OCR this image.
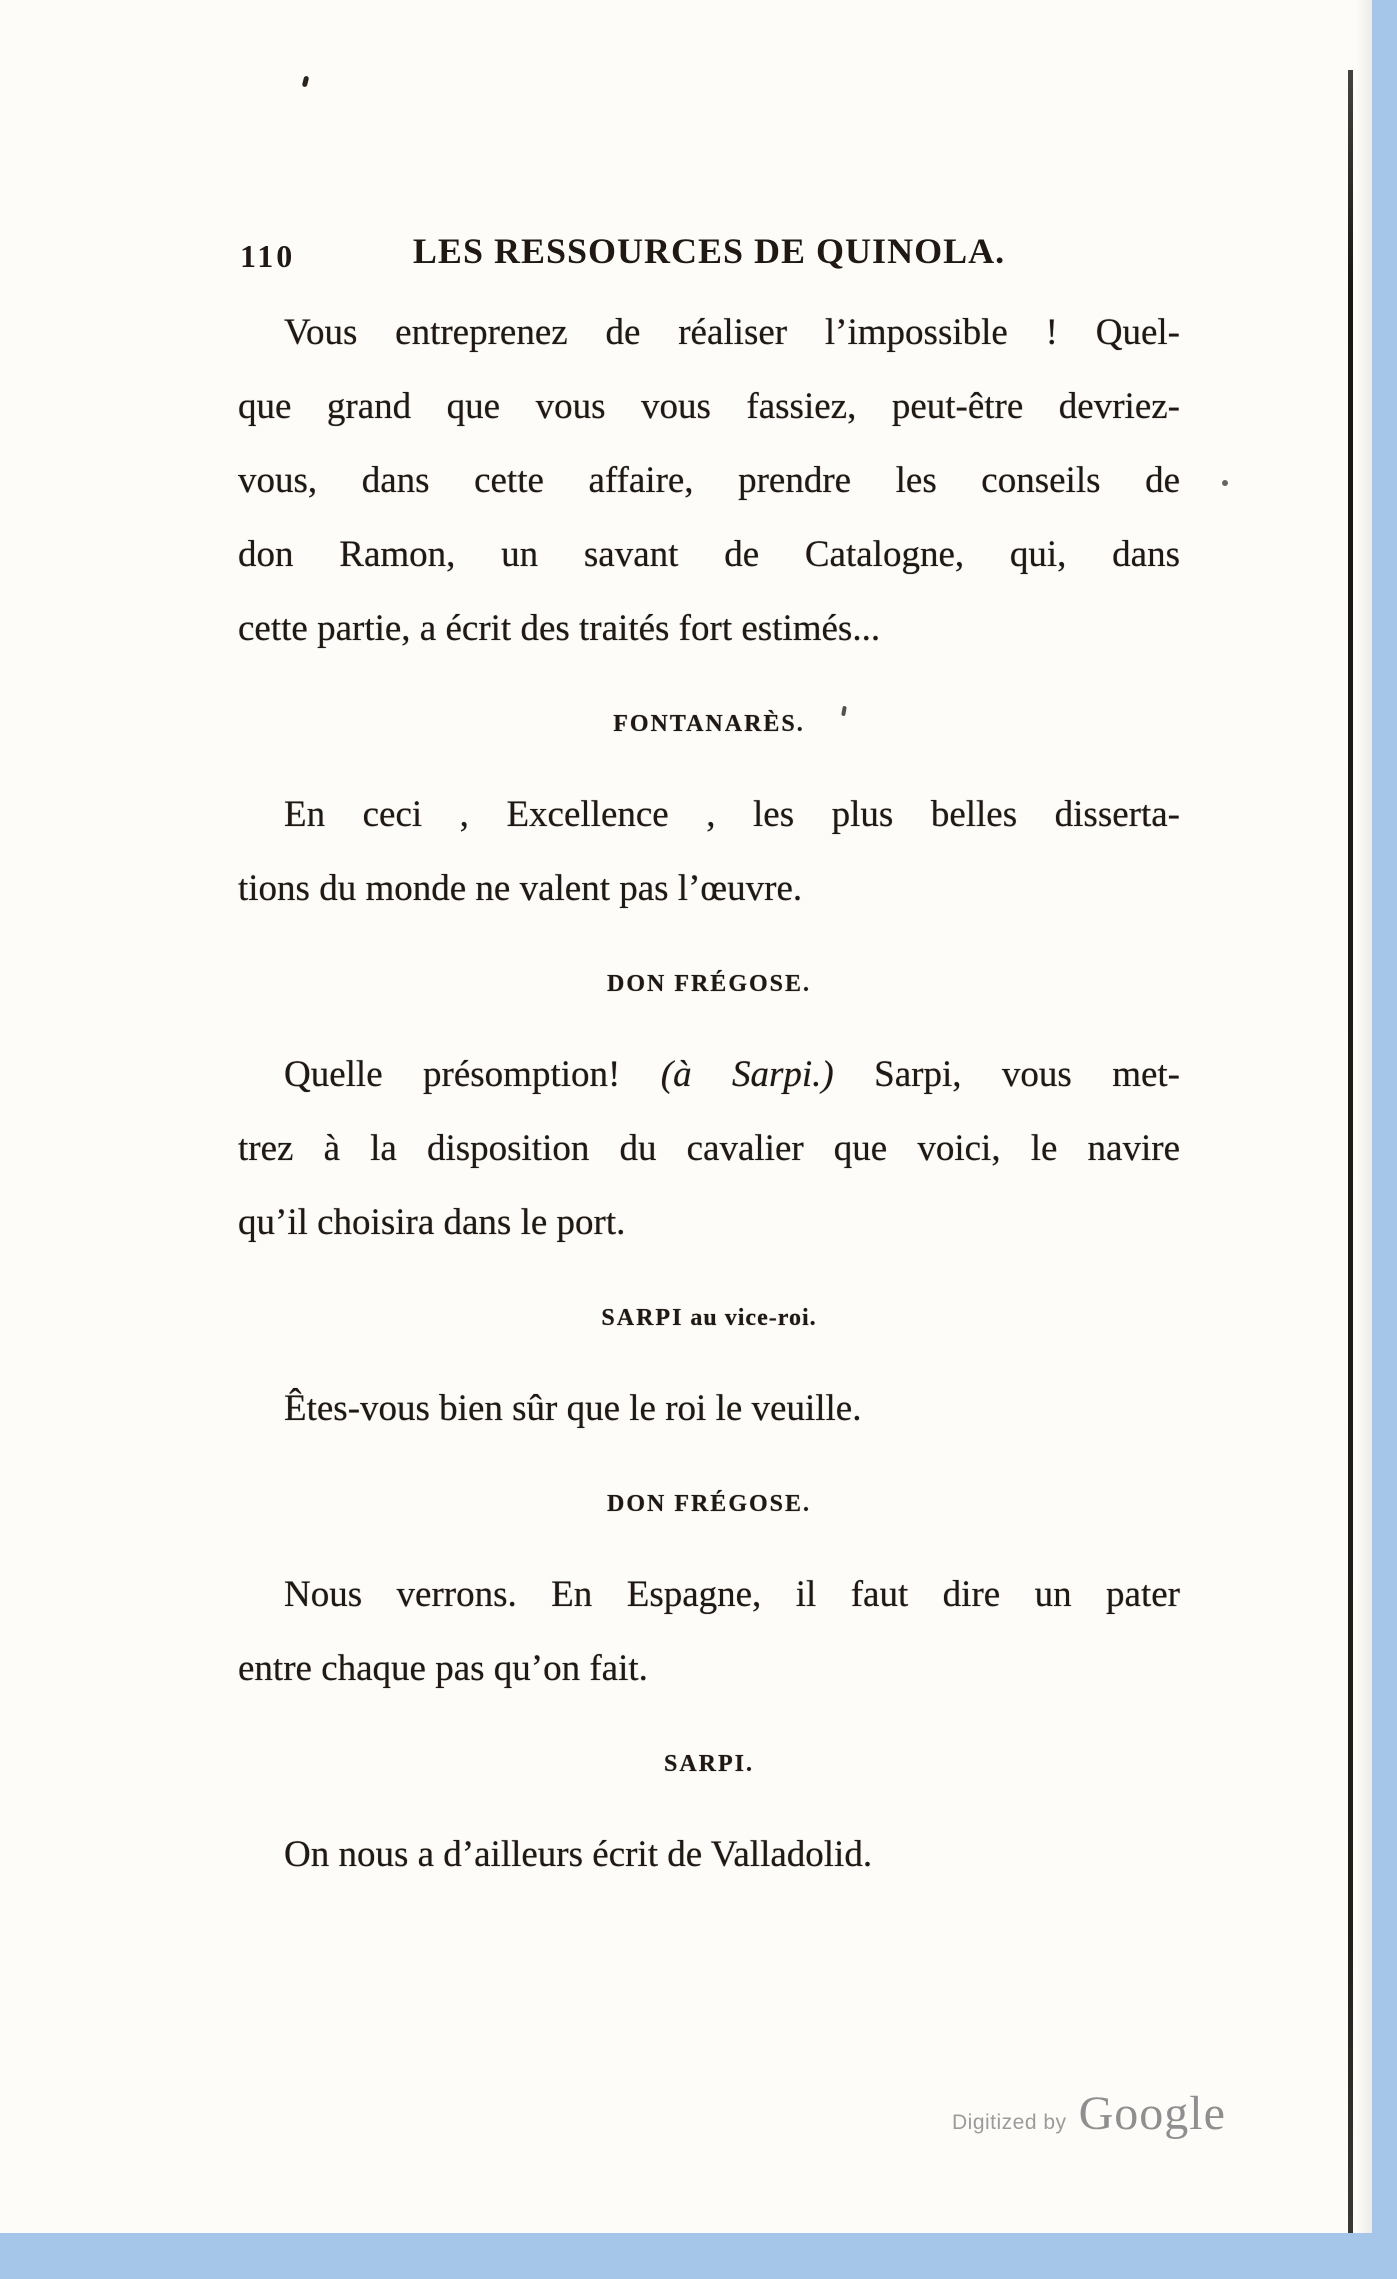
110	LES RESSOURCES DE QUINOLA.
Vous entreprenez de réaliser l’impossible ! Quel-
que grand que vous vous fassiez, peut-être devriez-
vous, dans cette affaire, prendre les conseils de
don Ramon, un savant de Catalogne, qui, dans
cette partie, a écrit des traités fort estimés...
FONTANARÈS.
En ceci , Excellence , les plus belles disserta-
tions du monde ne valent pas l’œuvre.
DON FRÉGOSE.
Quelle présomption! (à Sarpi.) Sarpi, vous met-
trez à la disposition du cavalier que voici, le navire
qu’il choisira dans le port.
SARPI au vice-roi.
Êtes-vous bien sûr que le roi le veuille.
DON FRÉGOSE.
Nous verrons. En Espagne, il faut dire un pater
entre chaque pas qu’on fait.
SARPI.
On nous a d’ailleurs écrit de Valladolid.
Digitized by Google
